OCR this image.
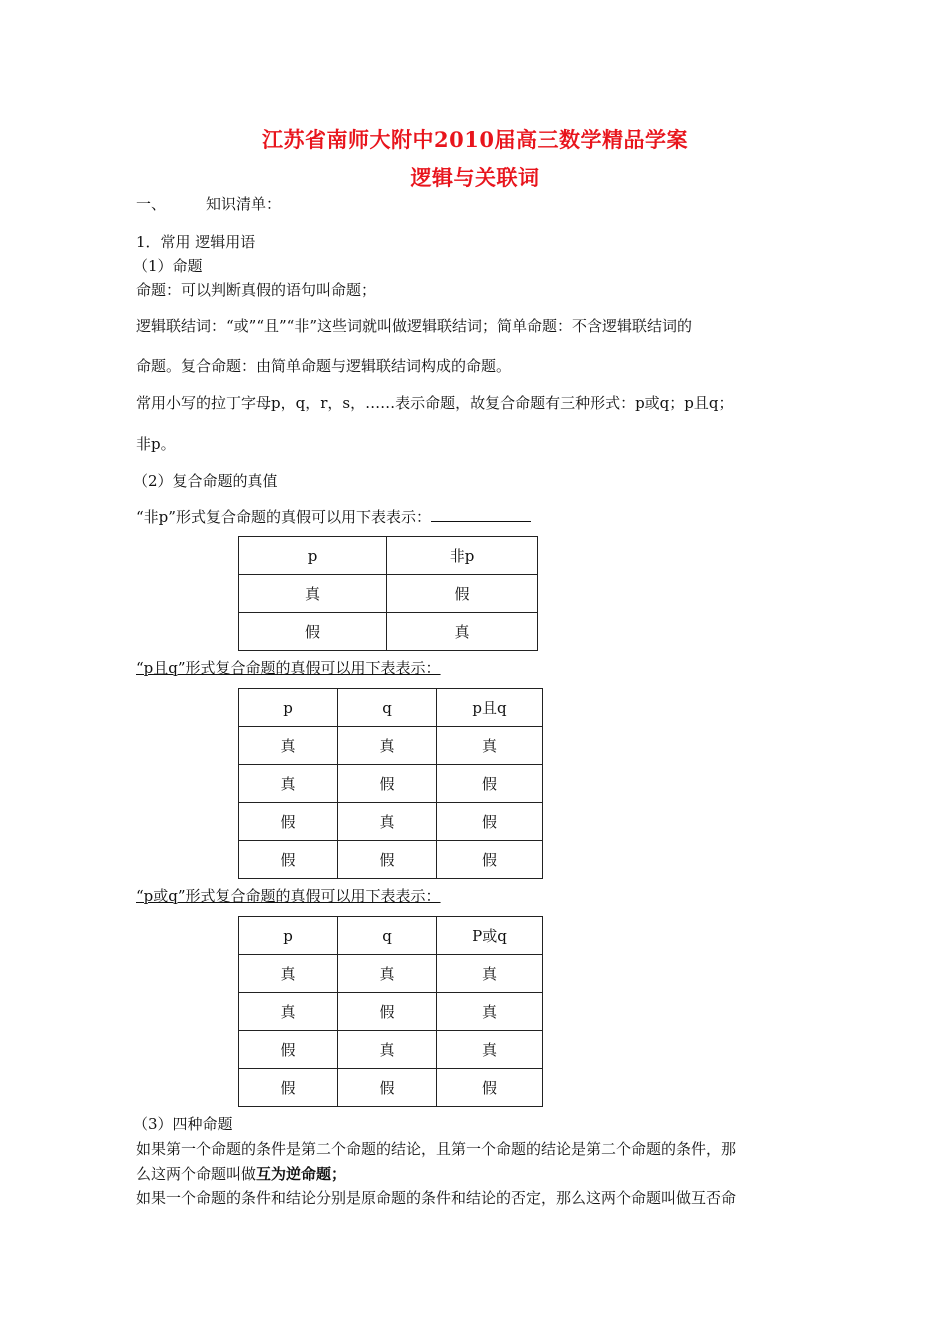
江苏省南师大附中2010届高三数学精品学案
逻辑与关联词
一、	知识清单：
1．常用 逻辑用语
（1）命题
命题：可以判断真假的语句叫命题；
逻辑联结词：“或”“且”“非”这些词就叫做逻辑联结词；简单命题：不含逻辑联结词的
命题。复合命题：由简单命题与逻辑联结词构成的命题。
常用小写的拉丁字母p，q，r，s，……表示命题，故复合命题有三种形式：p或q；p且q；
非p。
（2）复合命题的真值
“非p”形式复合命题的真假可以用下表表示：
p	非p
真	假
假	真
“p且q”形式复合命题的真假可以用下表表示：
p	q	p且q
真	真	真
真	假	假
假	真	假
假	假	假
“p或q”形式复合命题的真假可以用下表表示：
p	q	P或q
真	真	真
真	假	真
假	真	真
假	假	假
（3）四种命题
如果第一个命题的条件是第二个命题的结论，且第一个命题的结论是第二个命题的条件，那
么这两个命题叫做互为逆命题；
如果一个命题的条件和结论分别是原命题的条件和结论的否定，那么这两个命题叫做互否命
